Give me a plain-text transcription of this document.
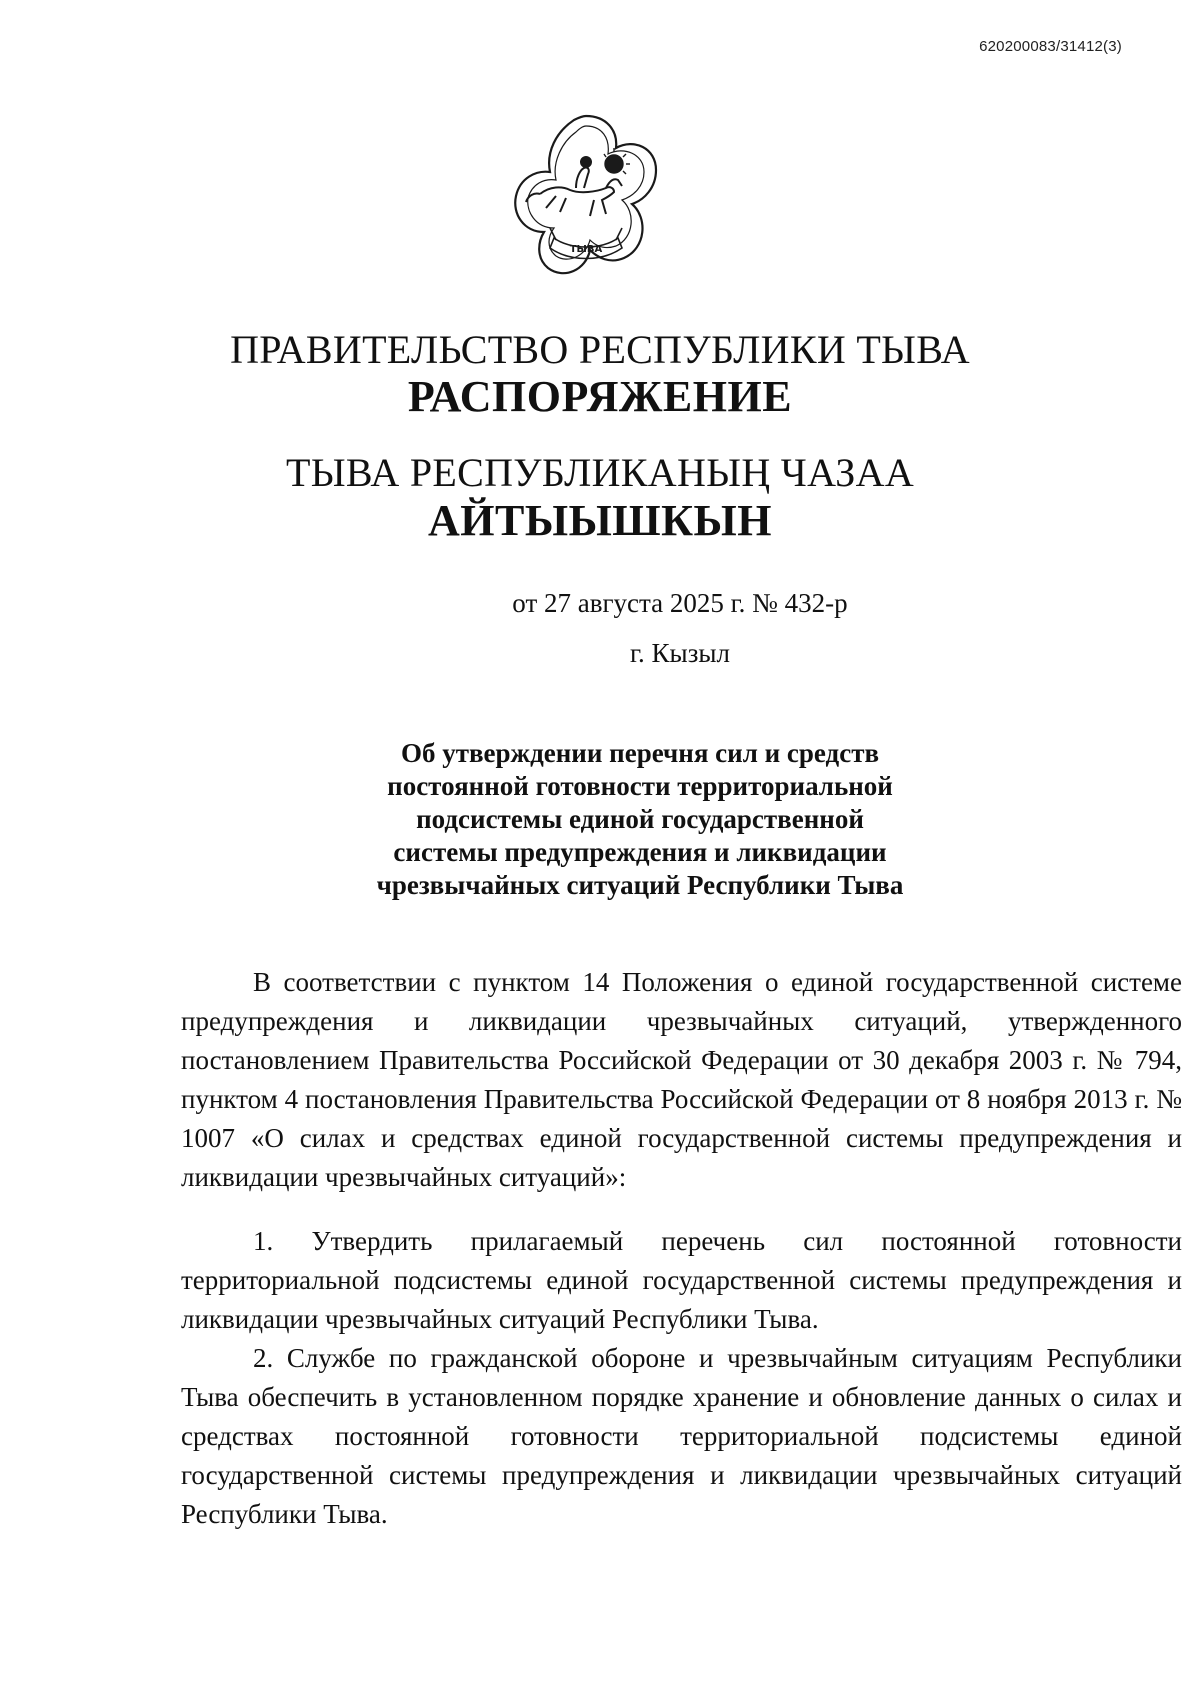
620200083/31412(3)
ТЫВА
ПРАВИТЕЛЬСТВО РЕСПУБЛИКИ ТЫВА
РАСПОРЯЖЕНИЕ
ТЫВА РЕСПУБЛИКАНЫҢ ЧАЗАА
АЙТЫЫШКЫН
от 27 августа 2025 г. № 432-р
г. Кызыл
Об утверждении перечня сил и средств
постоянной готовности территориальной
подсистемы единой государственной
системы предупреждения и ликвидации
чрезвычайных ситуаций Республики Тыва

В соответствии с пунктом 14 Положения о единой государственной системе предупреждения и ликвидации чрезвычайных ситуаций, утвержденного постановлением Правительства Российской Федерации от 30 декабря 2003 г. № 794, пунктом 4 постановления Правительства Российской Федерации от 8 ноября 2013 г. № 1007 «О силах и средствах единой государственной системы предупреждения и ликвидации чрезвычайных ситуаций»:

1. Утвердить прилагаемый перечень сил постоянной готовности территориальной подсистемы единой государственной системы предупреждения и ликвидации чрезвычайных ситуаций Республики Тыва.

2. Службе по гражданской обороне и чрезвычайным ситуациям Республики Тыва обеспечить в установленном порядке хранение и обновление данных о силах и средствах постоянной готовности территориальной подсистемы единой государственной системы предупреждения и ликвидации чрезвычайных ситуаций Республики Тыва.
